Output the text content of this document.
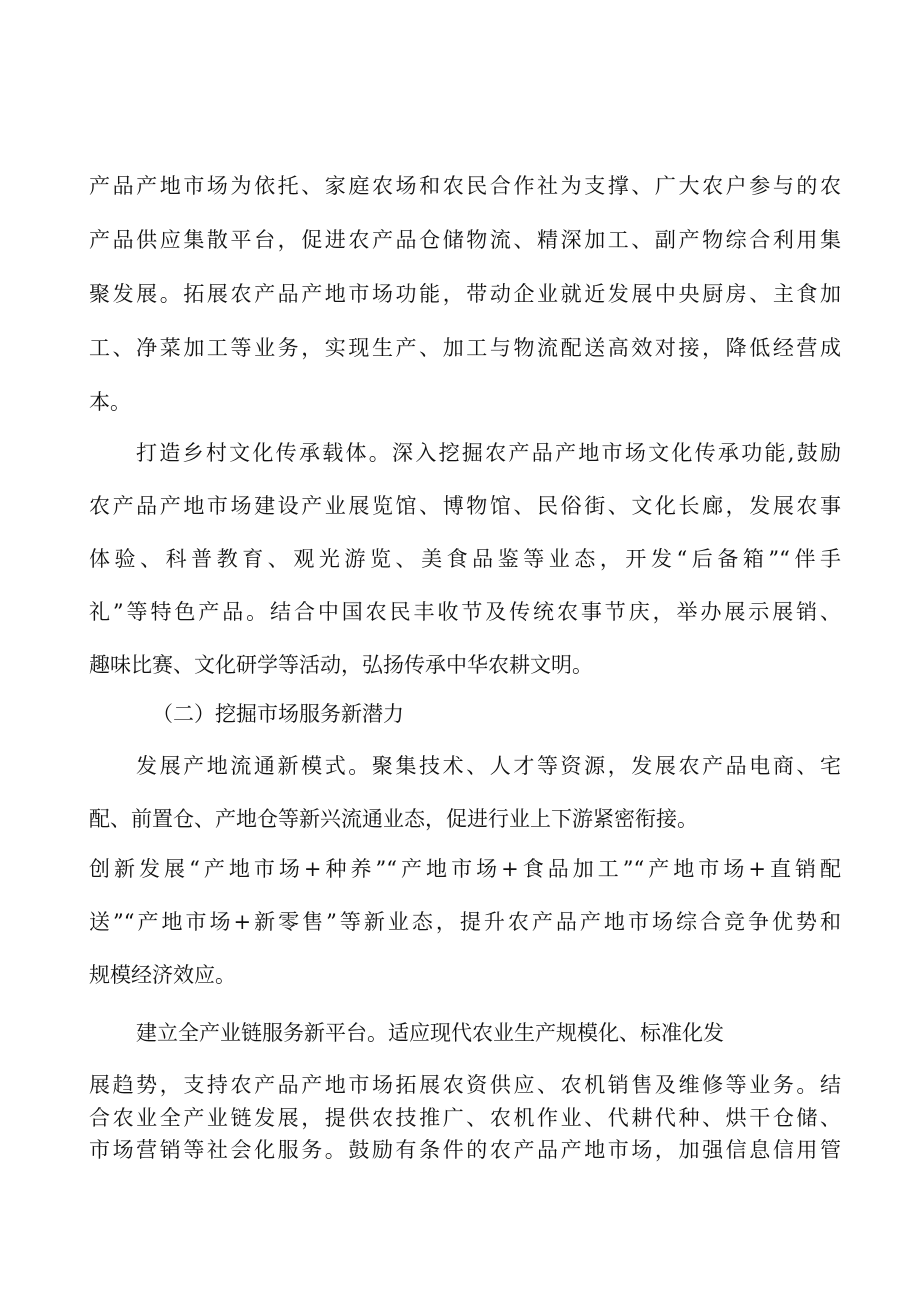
产品产地市场为依托、家庭农场和农民合作社为支撑、广大农户参与的农
产品供应集散平台，促进农产品仓储物流、精深加工、副产物综合利用集
聚发展。拓展农产品产地市场功能，带动企业就近发展中央厨房、主食加
工、净菜加工等业务，实现生产、加工与物流配送高效对接，降低经营成
本。
打造乡村文化传承载体。深入挖掘农产品产地市场文化传承功能,鼓励
农产品产地市场建设产业展览馆、博物馆、民俗街、文化长廊，发展农事
体验、科普教育、观光游览、美食品鉴等业态，开发“后备箱”“伴手
礼”等特色产品。结合中国农民丰收节及传统农事节庆，举办展示展销、
趣味比赛、文化研学等活动，弘扬传承中华农耕文明。
（二）挖掘市场服务新潜力
发展产地流通新模式。聚集技术、人才等资源，发展农产品电商、宅
配、前置仓、产地仓等新兴流通业态，促进行业上下游紧密衔接。
创新发展“产地市场+种养”“产地市场+食品加工”“产地市场+直销配
送”“产地市场+新零售”等新业态，提升农产品产地市场综合竞争优势和
规模经济效应。
建立全产业链服务新平台。适应现代农业生产规模化、标准化发
展趋势，支持农产品产地市场拓展农资供应、农机销售及维修等业务。结
合农业全产业链发展，提供农技推广、农机作业、代耕代种、烘干仓储、
市场营销等社会化服务。鼓励有条件的农产品产地市场，加强信息信用管
